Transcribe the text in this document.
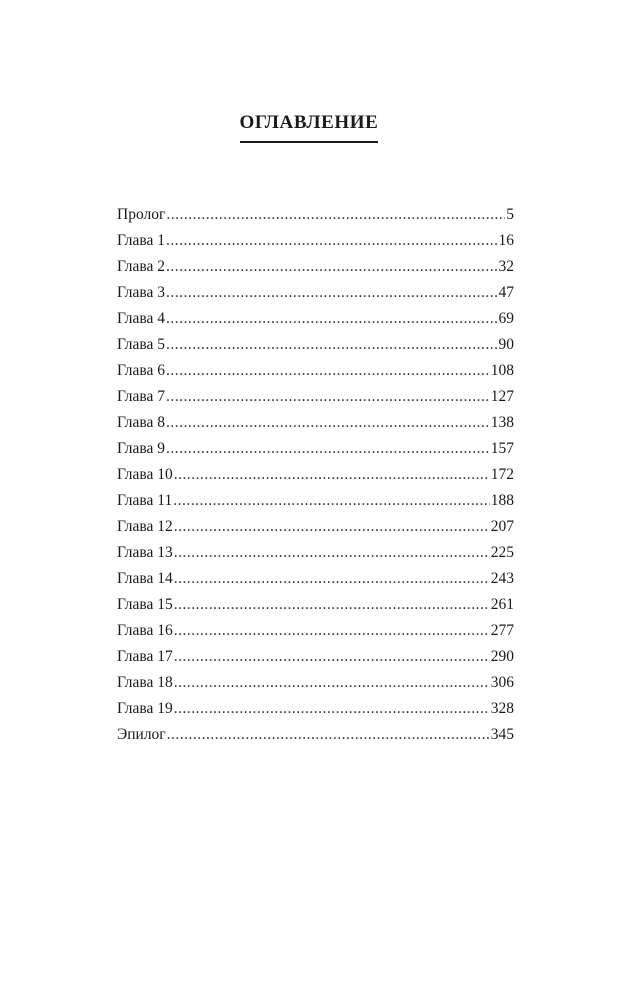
ОГЛАВЛЕНИЕ
Пролог .....	5
Глава 1 .....	16
Глава 2 .....	32
Глава 3 .....	47
Глава 4 .....	69
Глава 5 .....	90
Глава 6 .....	108
Глава 7 .....	127
Глава 8 .....	138
Глава 9 .....	157
Глава 10 .....	172
Глава 11 .....	188
Глава 12 .....	207
Глава 13 .....	225
Глава 14 .....	243
Глава 15 .....	261
Глава 16 .....	277
Глава 17 .....	290
Глава 18 .....	306
Глава 19 .....	328
Эпилог .....	345
